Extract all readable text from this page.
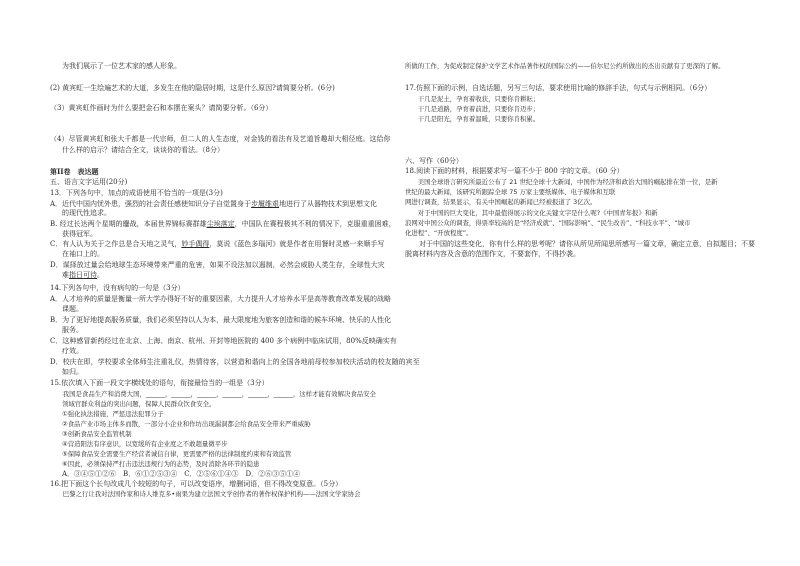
为我们展示了一位艺术家的感人形象。
(2) 黄宾虹一生绘遍艺术的大道，多发生在他的隐居时期，这是什么原因?请简要分析。(6分)
（3）黄宾虹作画时为什么要把金石和本摆在案头？请简要分析。（6分）
（4）尽管黄宾虹和张大千都是一代宗师，但二人的人生态度，对金钱的看法有及艺道旨趣却大相径庭。这给你
什么样的启示？请结合全文，谈谈你的看法。（8分）
第II卷　表达题
五、语言文字运用(20分)
13．下列各句中，加点的成语使用不恰当的一项是(3分)
A．近代中国内忧外患，强烈的社会责任感使知识分子自觉置身于步履维艰地进行了从器物技术到思想文化
的现代性追求。
B. 经过长达两个星期的鏖战，本届世界锦标赛群雄尘埃落定，中国队在赛程极其不利的情况下，克服重重困难，
获得冠军。
C．有人认为关于之作总是合天地之灵气，妙手偶得，莫说《蓝色多瑙河》就是作者在用餐时灵感一来顺手写
在袖口上的。
D．谋择放过量会给地球生态环境带来严重的危害，如果不设法加以遏制，必然会威胁人类生存，全球性大灾
难指日可待。
14.下列各句中，没有病句的一句是（3分）
A．人才培养的质量是衡量一所大学办得好不好的重要因素，大力提升人才培养水平是高等教育改革发展的战略
课题。
B．为了更好地提高服务质量，我们必须坚持以人为本，最大限度地为旅客创造和谐的候车环境、快乐的人性化
服务。
C．这种感冒新药经过在北京、上海、南京、杭州、开封等地医院的 400 多个病例中临床试用，80%反映确实有
疗效。
D．校庆在即，学校要求全体师生注重礼仪，热情待客，以营造和谐向上的全国各地前母校参加校庆活动的校友随的宾至
如归。
15.依次填入下面一段文字横线处的语句，衔接最恰当的一组是（3分）
　　我国是食品生产和消费大国，______，______，______，______，______，______，这样才能有效解决食品安全
领域官群众利益的突出问题，保障人民群众饮食安全。
①强化执法措施，严惩违法犯罪分子
②食品产业市场主体多而散，一部分小企业和作坊出现漏洞都会给食品安全带来严重威胁
③创新食品安全监管机制
④营造阳法有序意识，以宽缓所有企业度之不敢超量微平步
⑤保障食品安全需要生产经营者诚信自律，更需要严格的法律制度约束和有效监管
⑥因此，必须保持严打击违法违规行为的态势，及时消除各环节的隐患
A．③④⑤①②⑥　B．⑥①②⑤③④　C．②⑤⑥①④③　D．②⑥③⑤①④
16.把下面这个长句改成几个较短的句子，可以改变语序，增删词语，但不得改变原意。（5分）
　　巴黎之行让我对法国作家和诗人维克多•雨果为建立法国文学创作者的著作权保护机构——法国文学家协会
所做的工作，为促成制定保护文学艺术作品著作权的国际公约——伯尔尼公约所做出的杰出贡献有了更深的了解。
17.仿照下面的示例，自选话题，另写三句话，要求使用比喻的修辞手法，句式与示例相同。（6分）
　　干几是泥土，孕育着收获，只要你肯耕耘；
　　干几是道路，孕育着前进，只要你肯迈步；
　　干几是阳光，孕育着温暖，只要你肯积累。
六、写作（60分）
18.阅读下面的材料，根据要求写一篇不少于 800 字的文章。（60 分）
　　美国全球语言研究所最近公布了 21 世纪全球十大新闻，中国作为经济和政治大国的崛起排在第一位，是新
世纪的最大新闻，该研究所跟踪全球 75 万家主要纸媒体、电子媒体和互联
网进行调查，结果显示，有关中国崛起的新闻已经被报道了 3亿次。
　　对于中国的巨大变化，其中最值得展示的文化关键文字是什么呢?《中国青年报》和新
浪网对中国公众的调查，得票率较高的是“经济成就”、“国际影响”、“民生改善”、“科技水平”、“城市
化进程”、“开放程度”。
　　对于中国的这些变化，你有什么样的思考呢？请你从所见所闻思所感写一篇文章，确定立意，自拟题目；不要
脱离材料内容及含意的范围作文，不要套作，不得抄袭。
